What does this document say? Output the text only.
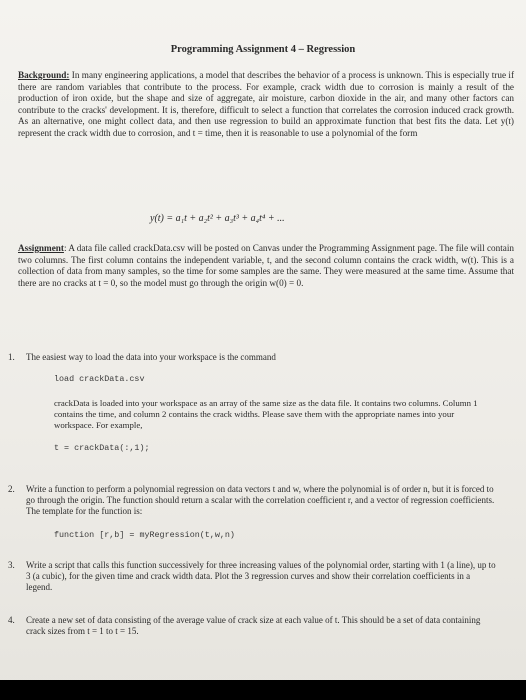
Programming Assignment 4 – Regression
Background: In many engineering applications, a model that describes the behavior of a process is unknown. This is especially true if there are random variables that contribute to the process. For example, crack width due to corrosion is mainly a result of the production of iron oxide, but the shape and size of aggregate, air moisture, carbon dioxide in the air, and many other factors can contribute to the cracks' development. It is, therefore, difficult to select a function that correlates the corrosion induced crack growth. As an alternative, one might collect data, and then use regression to build an approximate function that best fits the data. Let y(t) represent the crack width due to corrosion, and t = time, then it is reasonable to use a polynomial of the form
y(t) = a₁t + a₂t² + a₃t³ + a₄t⁴ + ...
Assignment: A data file called crackData.csv will be posted on Canvas under the Programming Assignment page. The file will contain two columns. The first column contains the independent variable, t, and the second column contains the crack width, w(t). This is a collection of data from many samples, so the time for some samples are the same. They were measured at the same time. Assume that there are no cracks at t = 0, so the model must go through the origin w(0) = 0.
1. The easiest way to load the data into your workspace is the command
load crackData.csv
crackData is loaded into your workspace as an array of the same size as the data file. It contains two columns. Column 1 contains the time, and column 2 contains the crack widths. Please save them with the appropriate names into your workspace. For example,
t = crackData(:,1);
2. Write a function to perform a polynomial regression on data vectors t and w, where the polynomial is of order n, but it is forced to go through the origin. The function should return a scalar with the correlation coefficient r, and a vector of regression coefficients. The template for the function is:
function [r,b] = myRegression(t,w,n)
3. Write a script that calls this function successively for three increasing values of the polynomial order, starting with 1 (a line), up to 3 (a cubic), for the given time and crack width data. Plot the 3 regression curves and show their correlation coefficients in a legend.
4. Create a new set of data consisting of the average value of crack size at each value of t. This should be a set of data containing crack sizes from t = 1 to t = 15.
